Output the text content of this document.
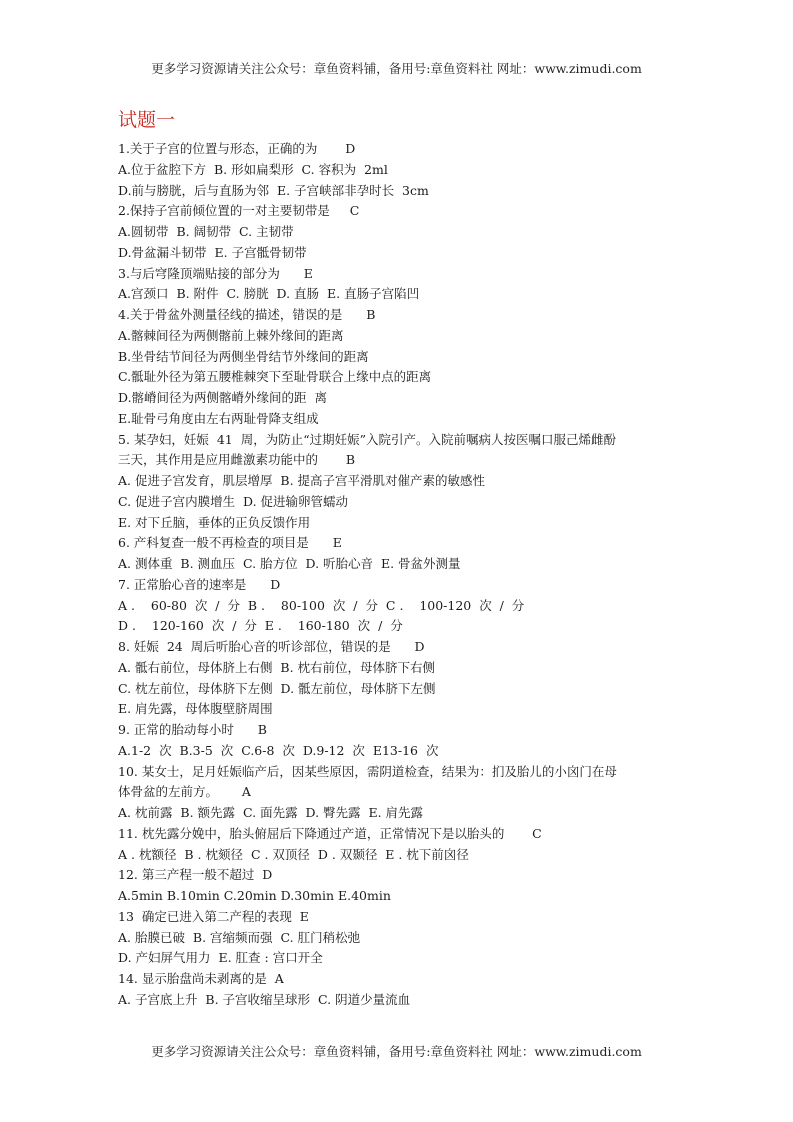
更多学习资源请关注公众号：章鱼资料铺，备用号:章鱼资料社 网址：www.zimudi.com
试题一
1.关于子宫的位置与形态，正确的为       D
A.位于盆腔下方  B. 形如扁梨形  C. 容积为  2ml
D.前与膀胱，后与直肠为邻  E. 子宫峡部非孕时长  3cm
2.保持子宫前倾位置的一对主要韧带是     C
A.圆韧带  B. 阔韧带  C. 主韧带
D.骨盆漏斗韧带  E. 子宫骶骨韧带
3.与后穹隆顶端贴接的部分为      E
A.宫颈口  B. 附件  C. 膀胱  D. 直肠  E. 直肠子宫陷凹
4.关于骨盆外测量径线的描述，错误的是      B
A.髂棘间径为两侧髂前上棘外缘间的距离
B.坐骨结节间径为两侧坐骨结节外缘间的距离
C.骶耻外径为第五腰椎棘突下至耻骨联合上缘中点的距离
D.髂嵴间径为两侧髂嵴外缘间的距  离
E.耻骨弓角度由左右两耻骨降支组成
5. 某孕妇，妊娠  41  周，为防止“过期妊娠”入院引产。入院前嘱病人按医嘱口服己烯雌酚
三天，其作用是应用雌激素功能中的       B
A. 促进子宫发育，肌层增厚  B. 提高子宫平滑肌对催产素的敏感性
C. 促进子宫内膜增生  D. 促进输卵管蠕动
E. 对下丘脑，垂体的正负反馈作用
6. 产科复查一般不再检查的项目是      E
A. 测体重  B. 测血压  C. 胎方位  D. 听胎心音  E. 骨盆外测量
7. 正常胎心音的速率是      D
A .    60-80  次  /  分  B .    80-100  次  /  分  C .    100-120  次  /  分
D .    120-160  次  /  分  E .    160-180  次  /  分
8. 妊娠  24  周后听胎心音的听诊部位，错误的是      D
A. 骶右前位，母体脐上右侧  B. 枕右前位，母体脐下右侧
C. 枕左前位，母体脐下左侧  D. 骶左前位，母体脐下左侧
E. 肩先露，母体腹壁脐周围
9. 正常的胎动每小时      B
A.1-2  次  B.3-5  次  C.6-8  次  D.9-12  次  E13-16  次
10. 某女士，足月妊娠临产后，因某些原因，需阴道检查，结果为：扪及胎儿的小囟门在母
体骨盆的左前方。      A
A. 枕前露  B. 额先露  C. 面先露  D. 臀先露  E. 肩先露
11. 枕先露分娩中，胎头俯屈后下降通过产道，正常情况下是以胎头的       C
A . 枕额径  B . 枕颏径  C . 双顶径  D . 双颞径  E . 枕下前囟径
12. 第三产程一般不超过  D
A.5min B.10min C.20min D.30min E.40min
13  确定已进入第二产程的表现  E
A. 胎膜已破  B. 宫缩频而强  C. 肛门稍松弛
D. 产妇屏气用力  E. 肛查 : 宫口开全
14. 显示胎盘尚未剥离的是  A
A. 子宫底上升  B. 子宫收缩呈球形  C. 阴道少量流血
更多学习资源请关注公众号：章鱼资料铺，备用号:章鱼资料社 网址：www.zimudi.com
